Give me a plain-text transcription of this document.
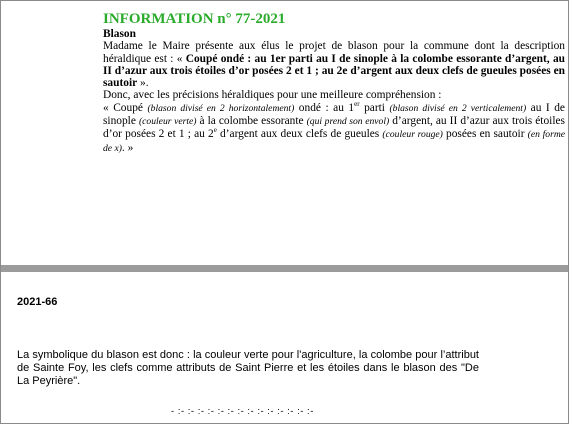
INFORMATION n° 77-2021
Blason

Madame le Maire présente aux élus le projet de blason pour la commune dont la description héraldique est : « Coupé ondé : au 1er parti au I de sinople à la colombe essorante d’argent, au II d’azur aux trois étoiles d’or posées 2 et 1 ; au 2e d’argent aux deux clefs de gueules posées en sautoir ».

Donc, avec les précisions héraldiques pour une meilleure compréhension :

« Coupé (blason divisé en 2 horizontalement) ondé : au 1er parti (blason divisé en 2 verticalement) au I de sinople (couleur verte) à la colombe essorante (qui prend son envol) d’argent, au II d’azur aux trois étoiles d’or posées 2 et 1 ; au 2e d’argent aux deux clefs de gueules (couleur rouge) posées en sautoir (en forme de x). »

2021-66

La symbolique du blason est donc : la couleur verte pour l'agriculture, la colombe pour l’attribut de Sainte Foy, les clefs comme attributs de Saint Pierre et les étoiles dans le blason des "De La Peyrière".

- :- :- :- :- :- :- :- :- :- :- :- :- :- :-
